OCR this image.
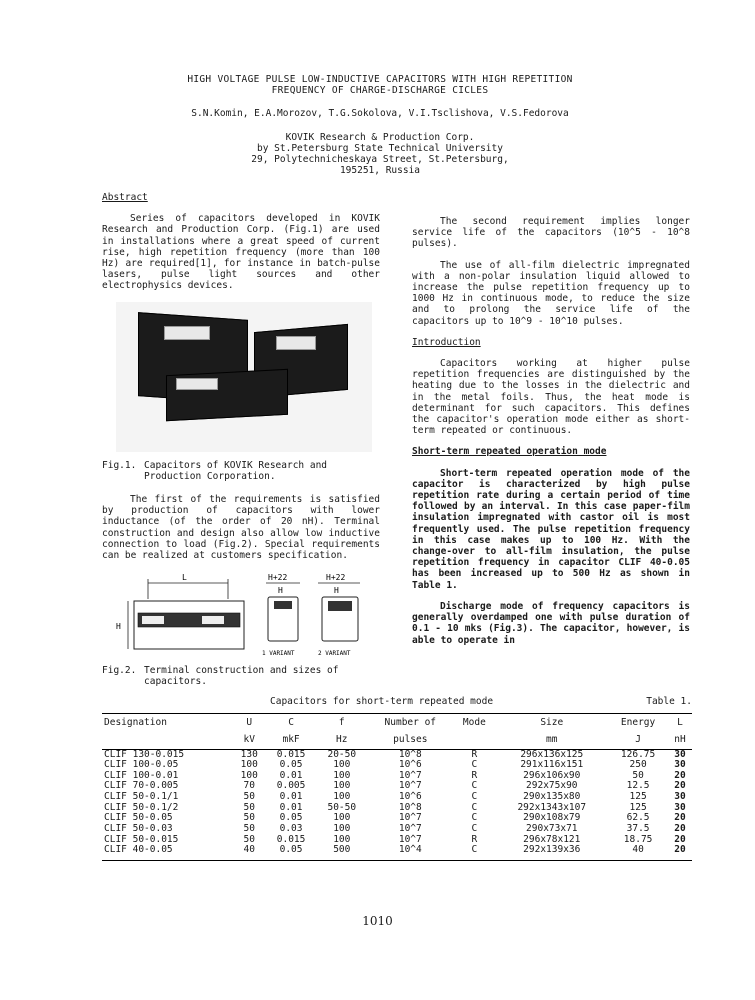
HIGH VOLTAGE PULSE LOW-INDUCTIVE CAPACITORS WITH HIGH REPETITION
FREQUENCY OF CHARGE-DISCHARGE CICLES
S.N.Komin, E.A.Morozov, T.G.Sokolova, V.I.Tsclishova, V.S.Fedorova
KOVIK Research & Production Corp.
by St.Petersburg State Technical University
29, Polytechnicheskaya Street, St.Petersburg,
195251, Russia
Abstract

Series of capacitors developed in KOVIK Research and Production Corp. (Fig.1) are used in installations where a great speed of current rise, high repetition frequency (more than 100 Hz) are required[1], for instance in batch-pulse lasers, pulse light sources and other electrophysics devices.

Fig.1. Capacitors of KOVIK Research and
Production Corporation.

The first of the requirements is satisfied by production of capacitors with lower inductance (of the order of 20 nH). Terminal construction and design also allow low inductive connection to load (Fig.2). Special requirements can be realized at customers specification.

L
H
H+22
H
1 VARIANT
H+22
H
2 VARIANT
Fig.2. Terminal construction and sizes of
capacitors.

The second requirement implies longer service life of the capacitors (10^5 - 10^8 pulses).

The use of all-film dielectric impregnated with a non-polar insulation liquid allowed to increase the pulse repetition frequency up to 1000 Hz in continuous mode, to reduce the size and to prolong the service life of the capacitors up to 10^9 - 10^10 pulses.

Introduction

Capacitors working at higher pulse repetition frequencies are distinguished by the heating due to the losses in the dielectric and in the metal foils. Thus, the heat mode is determinant for such capacitors. This defines the capacitor's operation mode either as short-term repeated or continuous.

Short-term repeated operation mode

Short-term repeated operation mode of the capacitor is characterized by high pulse repetition rate during a certain period of time followed by an interval. In this case paper-film insulation impregnated with castor oil is most frequently used. The pulse repetition frequency in this case makes up to 100 Hz. With the change-over to all-film insulation, the pulse repetition frequency in capacitor CLIF 40-0.05 has been increased up to 500 Hz as shown in Table 1.

Discharge mode of frequency capacitors is generally overdamped one with pulse duration of 0.1 - 10 mks (Fig.3). The capacitor, however, is able to operate in

Capacitors for short-term repeated mode	Table 1.
Designation	U	C	f	Number of	Mode	Size	Energy	L
	kV	mkF	Hz	pulses		mm	J	nH
CLIF 130-0.015	130	0.015	20-50	10^8	R	296x136x125	126.75	30
CLIF 100-0.05	100	0.05	100	10^6	C	291x116x151	250	30
CLIF 100-0.01	100	0.01	100	10^7	R	296x106x90	50	20
CLIF 70-0.005	70	0.005	100	10^7	C	292x75x90	12.5	20
CLIF 50-0.1/1	50	0.01	100	10^6	C	290x135x80	125	30
CLIF 50-0.1/2	50	0.01	50-50	10^8	C	292x1343x107	125	30
CLIF 50-0.05	50	0.05	100	10^7	C	290x108x79	62.5	20
CLIF 50-0.03	50	0.03	100	10^7	C	290x73x71	37.5	20
CLIF 50-0.015	50	0.015	100	10^7	R	296x78x121	18.75	20
CLIF 40-0.05	40	0.05	500	10^4	C	292x139x36	40	20
1010
